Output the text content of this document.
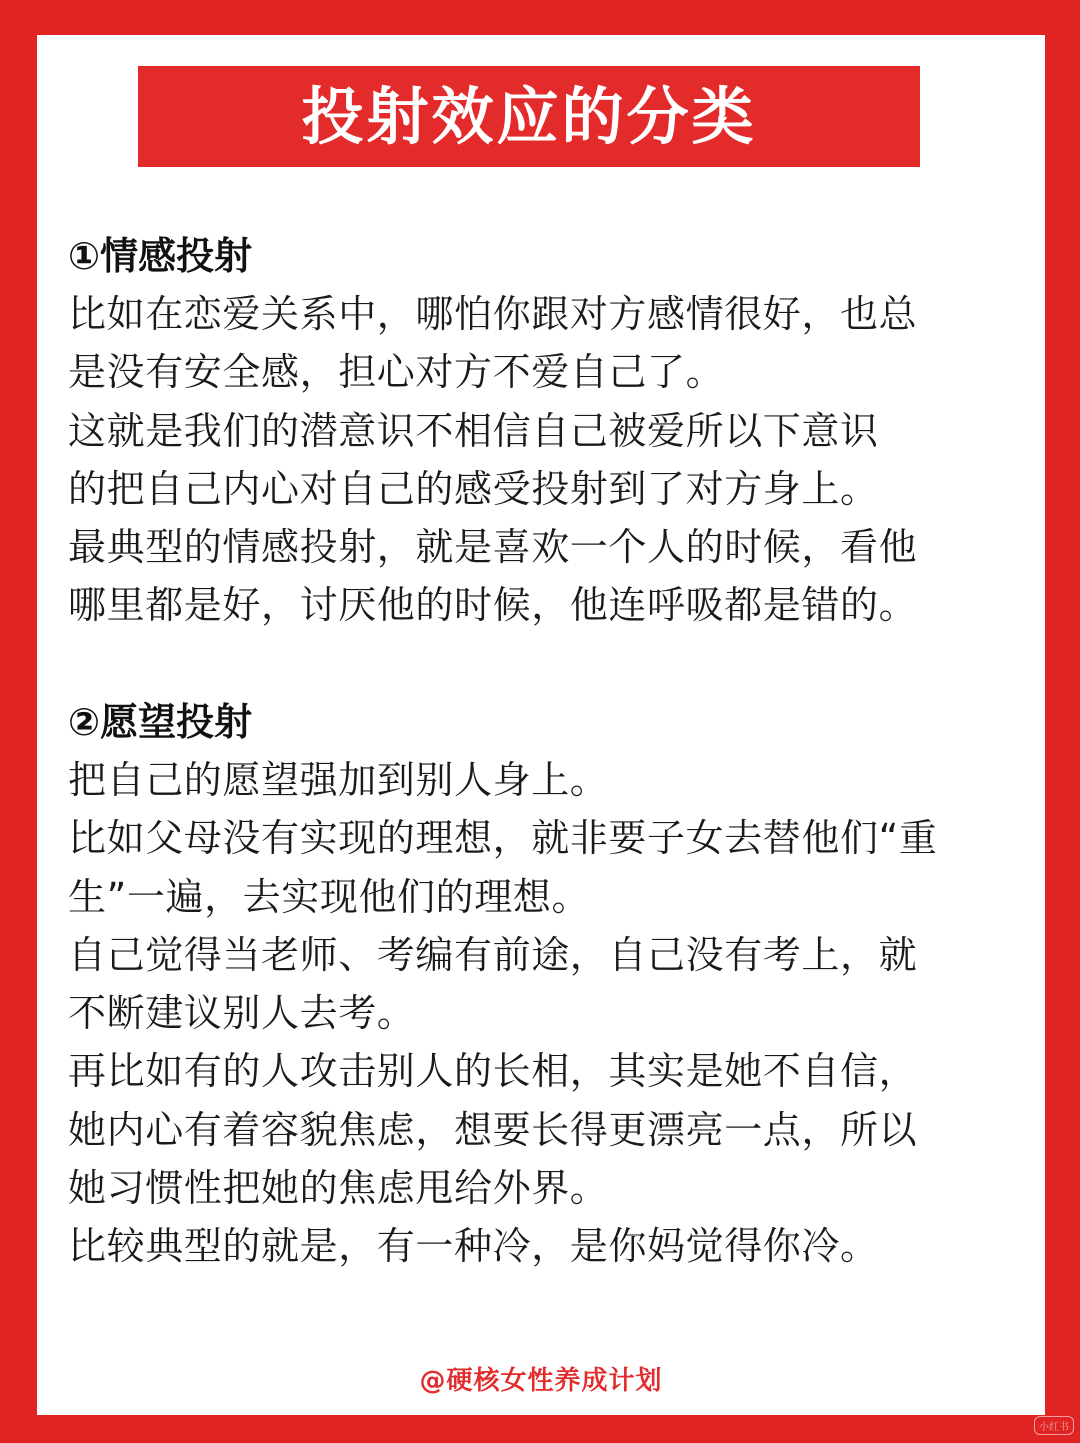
投射效应的分类
①情感投射
比如在恋爱关系中，哪怕你跟对方感情很好，也总
是没有安全感，担心对方不爱自己了。
这就是我们的潜意识不相信自己被爱所以下意识
的把自己内心对自己的感受投射到了对方身上。
最典型的情感投射，就是喜欢一个人的时候，看他
哪里都是好，讨厌他的时候，他连呼吸都是错的。
②愿望投射
把自己的愿望强加到别人身上。
比如父母没有实现的理想，就非要子女去替他们“重
生”一遍，去实现他们的理想。
自己觉得当老师、考编有前途，自己没有考上，就
不断建议别人去考。
再比如有的人攻击别人的长相，其实是她不自信，
她内心有着容貌焦虑，想要长得更漂亮一点，所以
她习惯性把她的焦虑甩给外界。
比较典型的就是，有一种冷，是你妈觉得你冷。
@硬核女性养成计划
小红书
